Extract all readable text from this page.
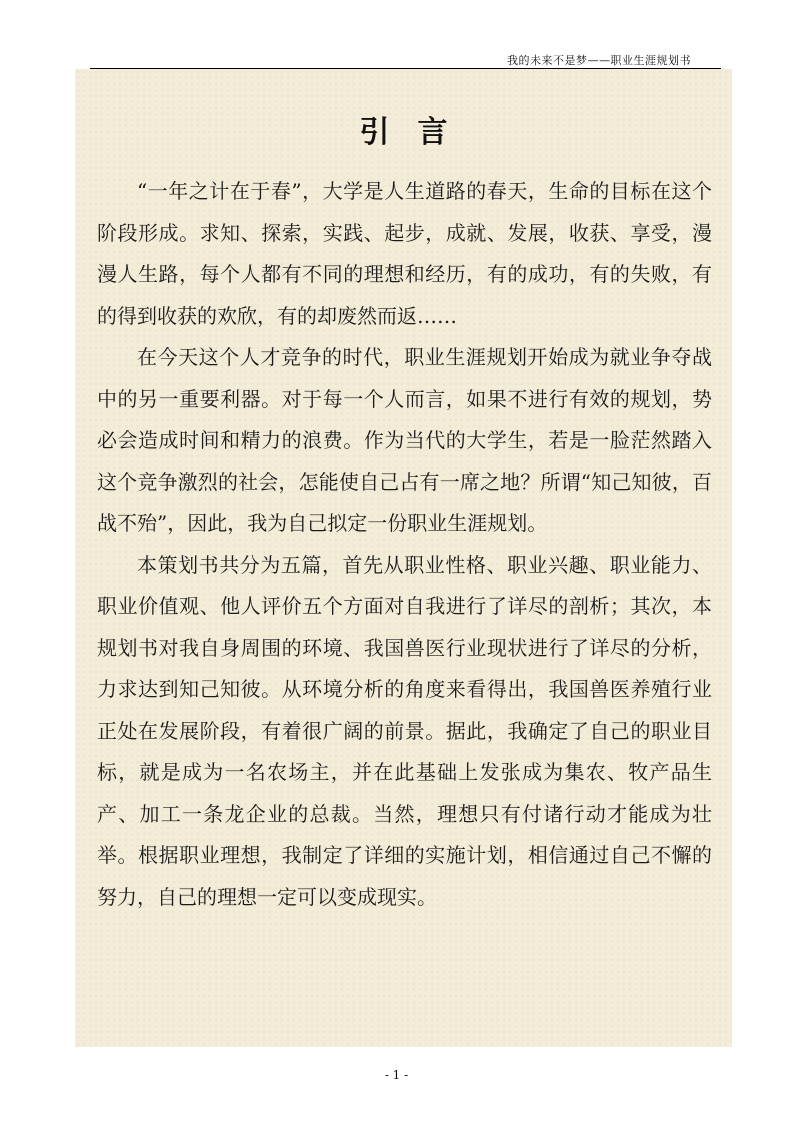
我的未来不是梦——职业生涯规划书
引言

“一年之计在于春”，大学是人生道路的春天，生命的目标在这个阶段形成。求知、探索，实践、起步，成就、发展，收获、享受，漫漫人生路，每个人都有不同的理想和经历，有的成功，有的失败，有的得到收获的欢欣，有的却废然而返……

在今天这个人才竞争的时代，职业生涯规划开始成为就业争夺战中的另一重要利器。对于每一个人而言，如果不进行有效的规划，势必会造成时间和精力的浪费。作为当代的大学生，若是一脸茫然踏入这个竞争激烈的社会，怎能使自己占有一席之地？所谓“知己知彼，百战不殆”，因此，我为自己拟定一份职业生涯规划。

本策划书共分为五篇，首先从职业性格、职业兴趣、职业能力、职业价值观、他人评价五个方面对自我进行了详尽的剖析；其次，本规划书对我自身周围的环境、我国兽医行业现状进行了详尽的分析，力求达到知己知彼。从环境分析的角度来看得出，我国兽医养殖行业正处在发展阶段，有着很广阔的前景。据此，我确定了自己的职业目标，就是成为一名农场主，并在此基础上发张成为集农、牧产品生产、加工一条龙企业的总裁。当然，理想只有付诸行动才能成为壮举。根据职业理想，我制定了详细的实施计划，相信通过自己不懈的努力，自己的理想一定可以变成现实。

- 1 -
